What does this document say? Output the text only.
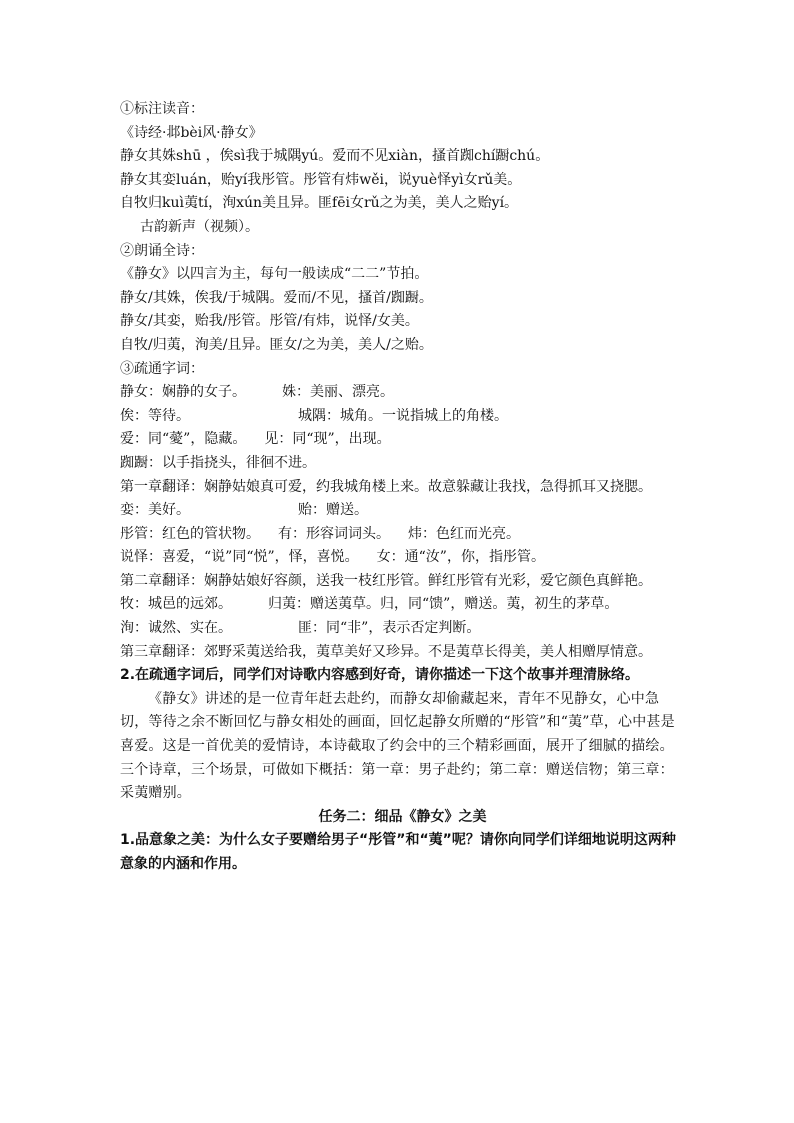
①标注读音：
《诗经·邶bèi风·静女》
静女其姝shū ，俟sì我于城隅yú。爱而不见xiàn，搔首踟chí蹰chú。
静女其娈luán，贻yí我彤管。彤管有炜wěi，说yuè怿yì女rǔ美。
自牧归kuì荑tí，洵xún美且异。匪fēi女rǔ之为美，美人之贻yí。
古韵新声（视频）。
②朗诵全诗：
《静女》以四言为主，每句一般读成“二二”节拍。
静女/其姝，俟我/于城隅。爱而/不见，搔首/踟蹰。
静女/其娈，贻我/彤管。彤管/有炜，说怿/女美。
自牧/归荑，洵美/且异。匪女/之为美，美人/之贻。
③疏通字词：
静女：娴静的女子。	姝：美丽、漂亮。
俟：等待。	城隅：城角。一说指城上的角楼。
爱：同“薆”，隐藏。 见：同“现”，出现。
踟蹰：以手指挠头，徘徊不进。
第一章翻译：娴静姑娘真可爱，约我城角楼上来。故意躲藏让我找，急得抓耳又挠腮。
娈：美好。	贻：赠送。
彤管：红色的管状物。 有：形容词词头。 炜：色红而光亮。
说怿：喜爱，“说”同“悦”，怿，喜悦。 女：通“汝”，你，指彤管。
第二章翻译：娴静姑娘好容颜，送我一枝红彤管。鲜红彤管有光彩，爱它颜色真鲜艳。
牧：城邑的远郊。	归荑：赠送荑草。归，同“馈”，赠送。荑，初生的茅草。
洵：诚然、实在。	匪：同“非”，表示否定判断。
第三章翻译：郊野采荑送给我，荑草美好又珍异。不是荑草长得美，美人相赠厚情意。
2.在疏通字词后，同学们对诗歌内容感到好奇，请你描述一下这个故事并理清脉络。
《静女》讲述的是一位青年赶去赴约，而静女却偷藏起来，青年不见静女，心中急切，等待之余不断回忆与静女相处的画面，回忆起静女所赠的“彤管”和“荑”草，心中甚是喜爱。这是一首优美的爱情诗，本诗截取了约会中的三个精彩画面，展开了细腻的描绘。三个诗章，三个场景，可做如下概括：第一章：男子赴约；第二章：赠送信物；第三章：采荑赠别。
任务二：细品《静女》之美
1.品意象之美：为什么女子要赠给男子“彤管”和“荑”呢？请你向同学们详细地说明这两种意象的内涵和作用。
